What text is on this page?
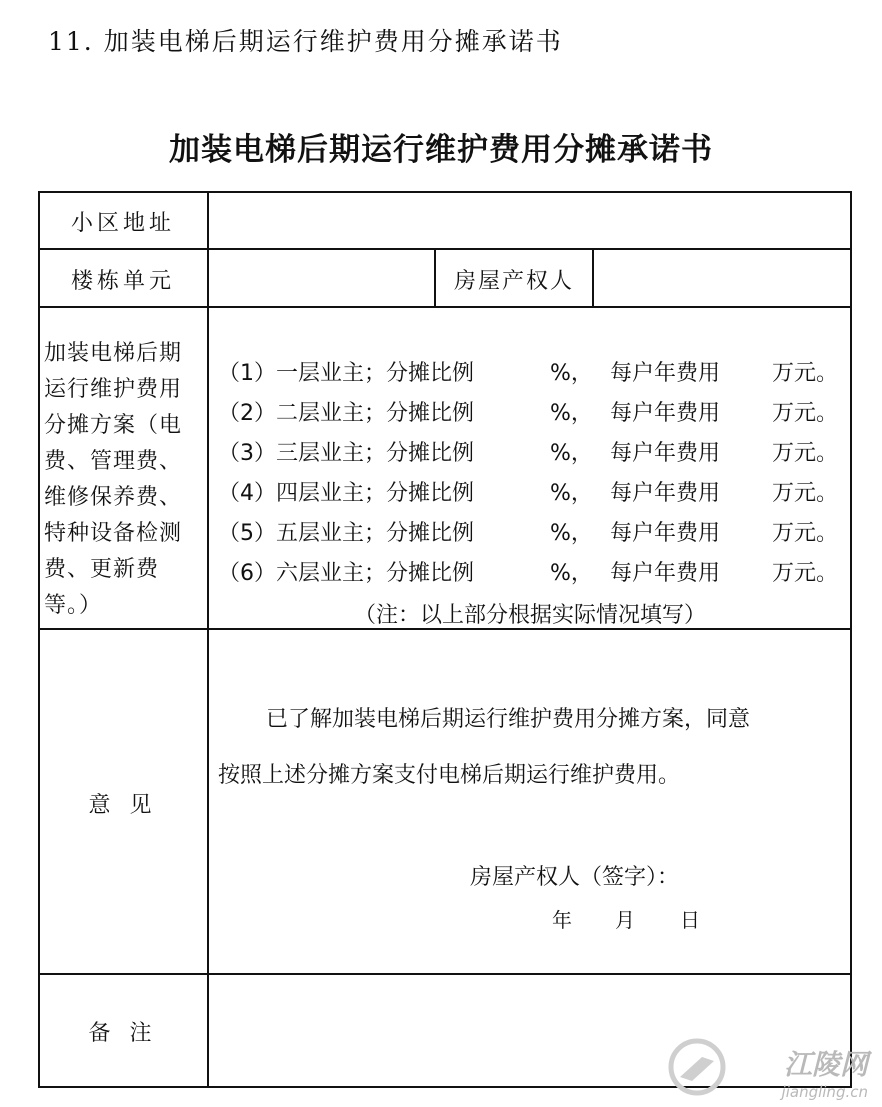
11. 加装电梯后期运行维护费用分摊承诺书
加装电梯后期运行维护费用分摊承诺书
小区地址
楼栋单元	房屋产权人
加装电梯后期运行维护费用分摊方案（电费、管理费、维修保养费、特种设备检测费、更新费等。）
（1）一层业主；分摊比例	%， 每户年费用 万元。
（2）二层业主；分摊比例	%， 每户年费用 万元。
（3）三层业主；分摊比例	%， 每户年费用 万元。
（4）四层业主；分摊比例	%， 每户年费用 万元。
（5）五层业主；分摊比例	%， 每户年费用 万元。
（6）六层业主；分摊比例	%， 每户年费用 万元。
（注：以上部分根据实际情况填写）
意 见
已了解加装电梯后期运行维护费用分摊方案，同意
按照上述分摊方案支付电梯后期运行维护费用。
房屋产权人（签字）：
年 月 日
备 注
江陵网
jiangling.cn
